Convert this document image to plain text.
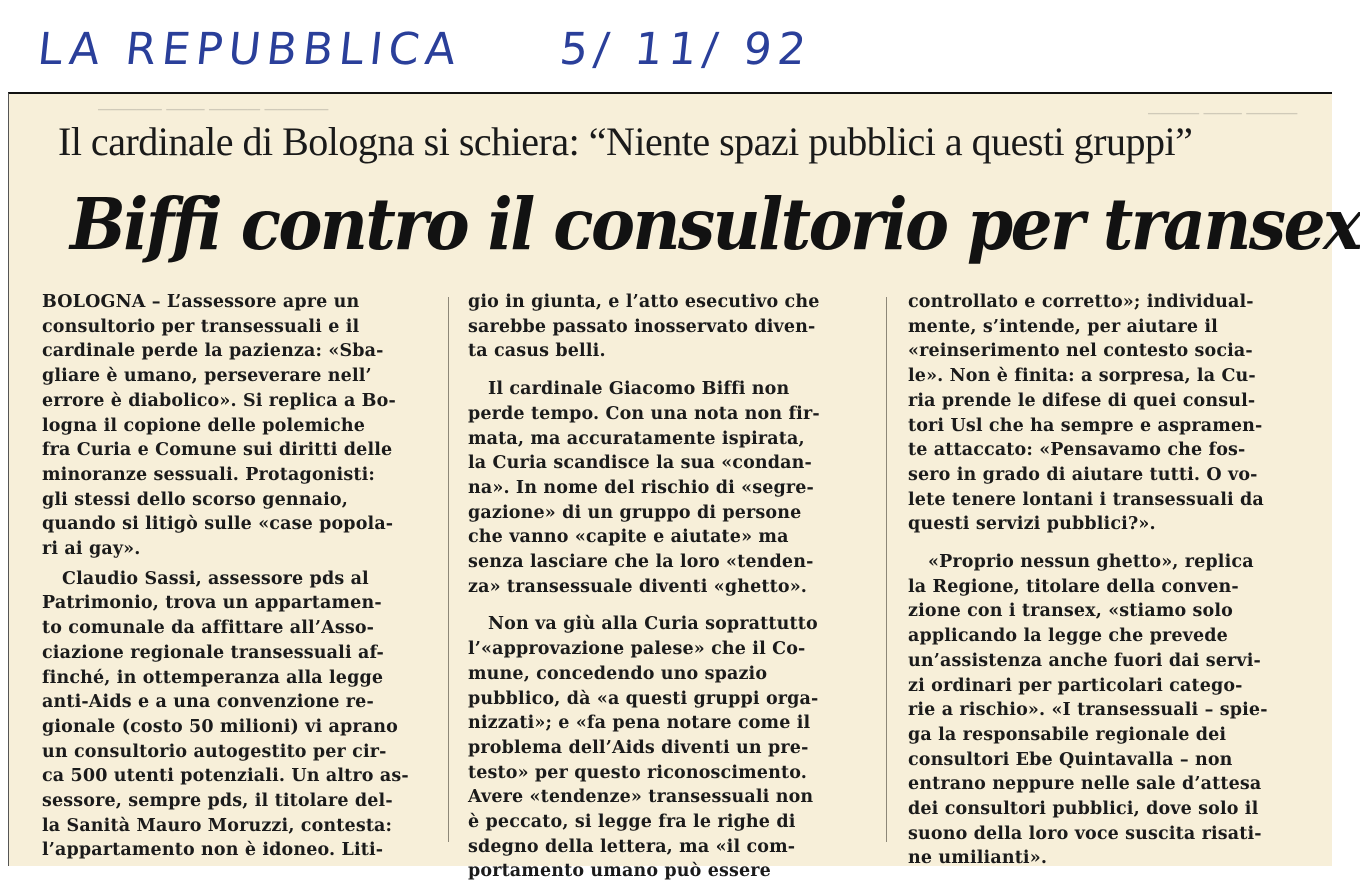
LA REPUBBLICA 5/ 11/ 92
───── ─── ──── ─────	──── ─── ────
Il cardinale di Bologna si schiera: “Niente spazi pubblici a questi gruppi”
Biffi contro il consultorio per transex

BOLOGNA – L’assessore apre un

consultorio per transessuali e il

cardinale perde la pazienza: «Sba-

gliare è umano, perseverare nell’

errore è diabolico». Si replica a Bo-

logna il copione delle polemiche

fra Curia e Comune sui diritti delle

minoranze sessuali. Protagonisti:

gli stessi dello scorso gennaio,

quando si litigò sulle «case popola-

ri ai gay».

Claudio Sassi, assessore pds al

Patrimonio, trova un appartamen-

to comunale da affittare all’Asso-

ciazione regionale transessuali af-

finché, in ottemperanza alla legge

anti-Aids e a una convenzione re-

gionale (costo 50 milioni) vi aprano

un consultorio autogestito per cir-

ca 500 utenti potenziali. Un altro as-

sessore, sempre pds, il titolare del-

la Sanità Mauro Moruzzi, contesta:

l’appartamento non è idoneo. Liti-

gio in giunta, e l’atto esecutivo che

sarebbe passato inosservato diven-

ta casus belli.

Il cardinale Giacomo Biffi non

perde tempo. Con una nota non fir-

mata, ma accuratamente ispirata,

la Curia scandisce la sua «condan-

na». In nome del rischio di «segre-

gazione» di un gruppo di persone

che vanno «capite e aiutate» ma

senza lasciare che la loro «tenden-

za» transessuale diventi «ghetto».

Non va giù alla Curia soprattutto

l’«approvazione palese» che il Co-

mune, concedendo uno spazio

pubblico, dà «a questi gruppi orga-

nizzati»; e «fa pena notare come il

problema dell’Aids diventi un pre-

testo» per questo riconoscimento.

Avere «tendenze» transessuali non

è peccato, si legge fra le righe di

sdegno della lettera, ma «il com-

portamento umano può essere

controllato e corretto»; individual-

mente, s’intende, per aiutare il

«reinserimento nel contesto socia-

le». Non è finita: a sorpresa, la Cu-

ria prende le difese di quei consul-

tori Usl che ha sempre e aspramen-

te attaccato: «Pensavamo che fos-

sero in grado di aiutare tutti. O vo-

lete tenere lontani i transessuali da

questi servizi pubblici?».

«Proprio nessun ghetto», replica

la Regione, titolare della conven-

zione con i transex, «stiamo solo

applicando la legge che prevede

un’assistenza anche fuori dai servi-

zi ordinari per particolari catego-

rie a rischio». «I transessuali – spie-

ga la responsabile regionale dei

consultori Ebe Quintavalla – non

entrano neppure nelle sale d’attesa

dei consultori pubblici, dove solo il

suono della loro voce suscita risati-

ne umilianti».
